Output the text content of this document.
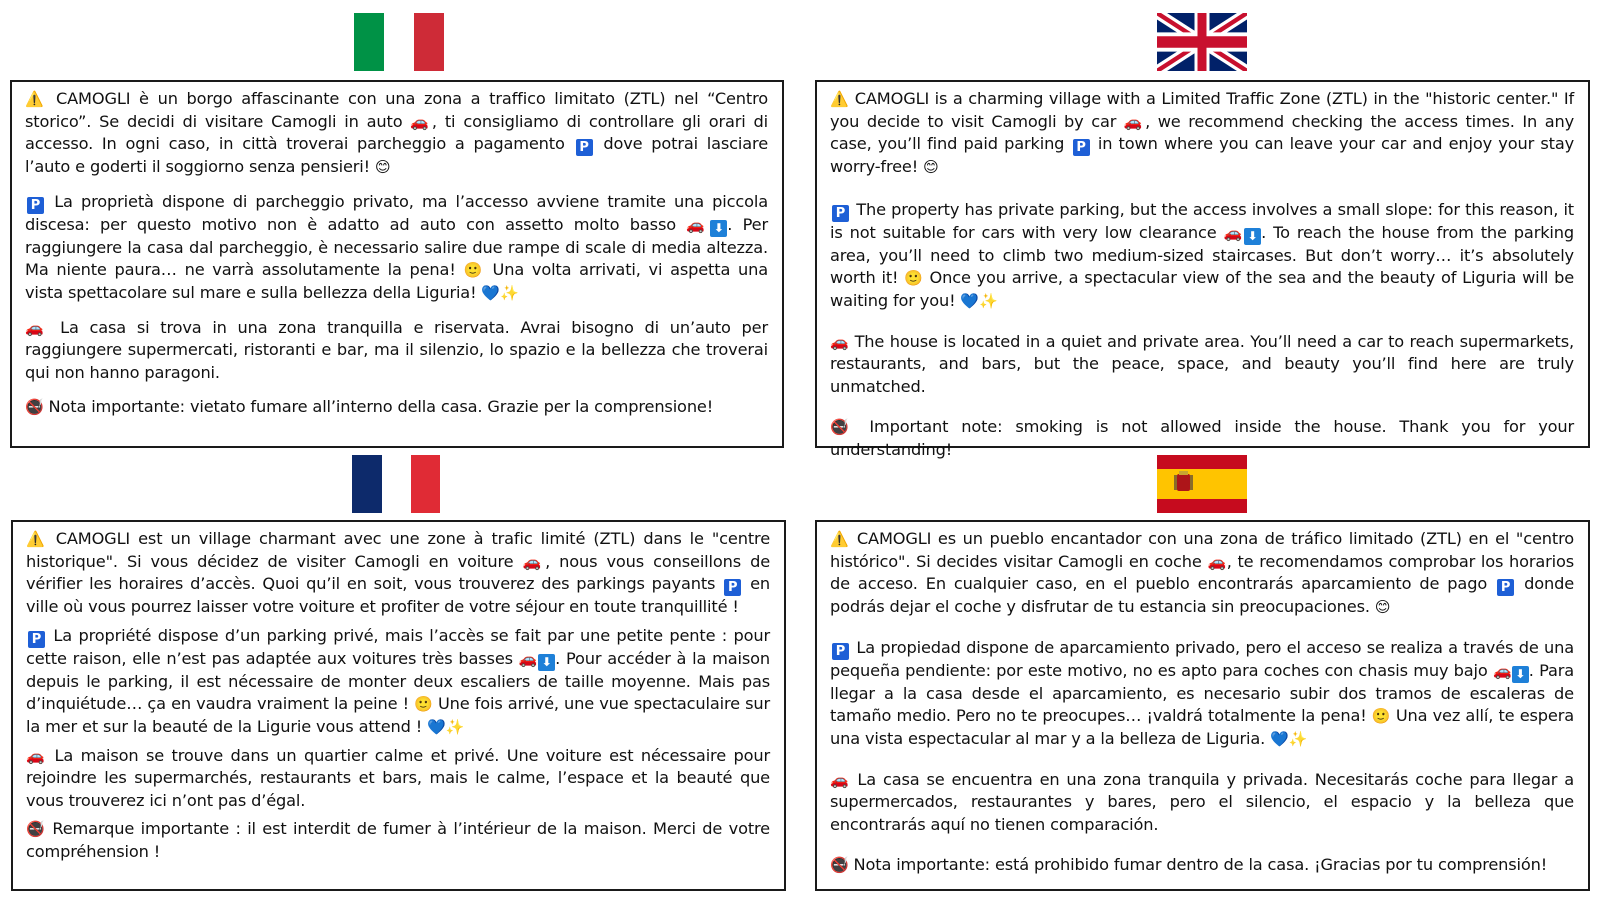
⚠️ CAMOGLI è un borgo affascinante con una zona a traffico limitato (ZTL) nel “Centro storico”. Se decidi di visitare Camogli in auto 🚗, ti consigliamo di controllare gli orari di accesso. In ogni caso, in città troverai parcheggio a pagamento P dove potrai lasciare l’auto e goderti il soggiorno senza pensieri! 😊

P La proprietà dispone di parcheggio privato, ma l’accesso avviene tramite una piccola discesa: per questo motivo non è adatto ad auto con assetto molto basso 🚗 ⬇ . Per raggiungere la casa dal parcheggio, è necessario salire due rampe di scale di media altezza. Ma niente paura… ne varrà assolutamente la pena! 🙂 Una volta arrivati, vi aspetta una vista spettacolare sul mare e sulla bellezza della Liguria! 💙✨

🚗 La casa si trova in una zona tranquilla e riservata. Avrai bisogno di un’auto per raggiungere supermercati, ristoranti e bar, ma il silenzio, lo spazio e la bellezza che troverai qui non hanno paragoni.

🚭 Nota importante: vietato fumare all’interno della casa. Grazie per la comprensione!

⚠️ CAMOGLI is a charming village with a Limited Traffic Zone (ZTL) in the "historic center." If you decide to visit Camogli by car 🚗, we recommend checking the access times. In any case, you’ll find paid parking P in town where you can leave your car and enjoy your stay worry-free! 😊

P The property has private parking, but the access involves a small slope: for this reason, it is not suitable for cars with very low clearance 🚗 ⬇ . To reach the house from the parking area, you’ll need to climb two medium-sized staircases. But don’t worry… it’s absolutely worth it! 🙂 Once you arrive, a spectacular view of the sea and the beauty of Liguria will be waiting for you! 💙✨

🚗 The house is located in a quiet and private area. You’ll need a car to reach supermarkets, restaurants, and bars, but the peace, space, and beauty you’ll find here are truly unmatched.

🚭 Important note: smoking is not allowed inside the house. Thank you for your understanding!

⚠️ CAMOGLI est un village charmant avec une zone à trafic limité (ZTL) dans le "centre historique". Si vous décidez de visiter Camogli en voiture 🚗, nous vous conseillons de vérifier les horaires d’accès. Quoi qu’il en soit, vous trouverez des parkings payants P en ville où vous pourrez laisser votre voiture et profiter de votre séjour en toute tranquillité !

P La propriété dispose d’un parking privé, mais l’accès se fait par une petite pente : pour cette raison, elle n’est pas adaptée aux voitures très basses 🚗 ⬇ . Pour accéder à la maison depuis le parking, il est nécessaire de monter deux escaliers de taille moyenne. Mais pas d’inquiétude… ça en vaudra vraiment la peine ! 🙂 Une fois arrivé, une vue spectaculaire sur la mer et sur la beauté de la Ligurie vous attend ! 💙✨

🚗 La maison se trouve dans un quartier calme et privé. Une voiture est nécessaire pour rejoindre les supermarchés, restaurants et bars, mais le calme, l’espace et la beauté que vous trouverez ici n’ont pas d’égal.

🚭 Remarque importante : il est interdit de fumer à l’intérieur de la maison. Merci de votre compréhension !

⚠️ CAMOGLI es un pueblo encantador con una zona de tráfico limitado (ZTL) en el "centro histórico". Si decides visitar Camogli en coche 🚗, te recomendamos comprobar los horarios de acceso. En cualquier caso, en el pueblo encontrarás aparcamiento de pago P donde podrás dejar el coche y disfrutar de tu estancia sin preocupaciones. 😊

P La propiedad dispone de aparcamiento privado, pero el acceso se realiza a través de una pequeña pendiente: por este motivo, no es apto para coches con chasis muy bajo 🚗 ⬇ . Para llegar a la casa desde el aparcamiento, es necesario subir dos tramos de escaleras de tamaño medio. Pero no te preocupes… ¡valdrá totalmente la pena! 🙂 Una vez allí, te espera una vista espectacular al mar y a la belleza de Liguria. 💙✨

🚗 La casa se encuentra en una zona tranquila y privada. Necesitarás coche para llegar a supermercados, restaurantes y bares, pero el silencio, el espacio y la belleza que encontrarás aquí no tienen comparación.

🚭 Nota importante: está prohibido fumar dentro de la casa. ¡Gracias por tu comprensión!
